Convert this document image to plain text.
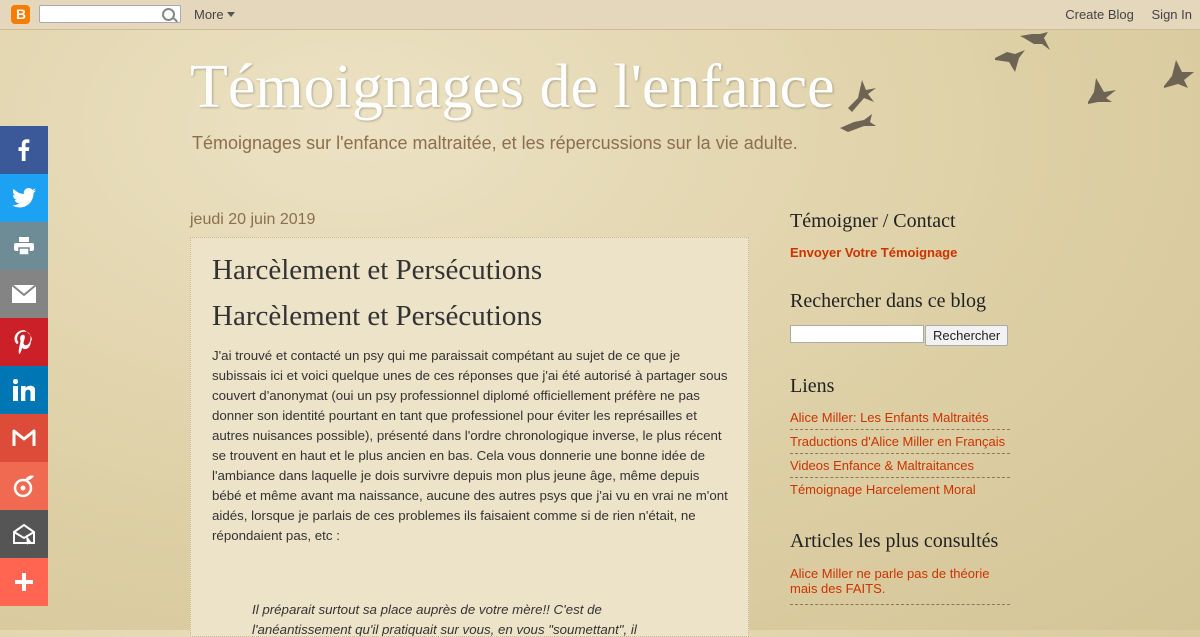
B	More	Create Blog Sign In
Témoignages de l'enfance
Témoignages sur l'enfance maltraitée, et les répercussions sur la vie adulte.
jeudi 20 juin 2019
Harcèlement et Persécutions
Harcèlement et Persécutions
J'ai trouvé et contacté un psy qui me paraissait compétant au sujet de ce que je subissais ici et voici quelque unes de ces réponses que j'ai été autorisé à partager sous couvert d'anonymat (oui un psy professionnel diplomé officiellement préfère ne pas donner son identité pourtant en tant que professionel pour éviter les représailles et autres nuisances possible), présenté dans l'ordre chronologique inverse, le plus récent se trouvent en haut et le plus ancien en bas. Cela vous donnerie une bonne idée de l'ambiance dans laquelle je dois survivre depuis mon plus jeune âge, même depuis bébé et même avant ma naissance, aucune des autres psys que j'ai vu en vrai ne m'ont aidés, lorsque je parlais de ces problemes ils faisaient comme si de rien n'était, ne répondaient pas, etc :
Il préparait surtout sa place auprès de votre mère!! C'est de l'anéantissement qu'il pratiquait sur vous, en vous "soumettant", il
Témoigner / Contact
Envoyer Votre Témoignage
Rechercher dans ce blog
Rechercher
Liens
Alice Miller: Les Enfants Maltraités
Traductions d'Alice Miller en Français
Videos Enfance & Maltraitances
Témoignage Harcelement Moral
Articles les plus consultés
Alice Miller ne parle pas de théorie mais des FAITS.
